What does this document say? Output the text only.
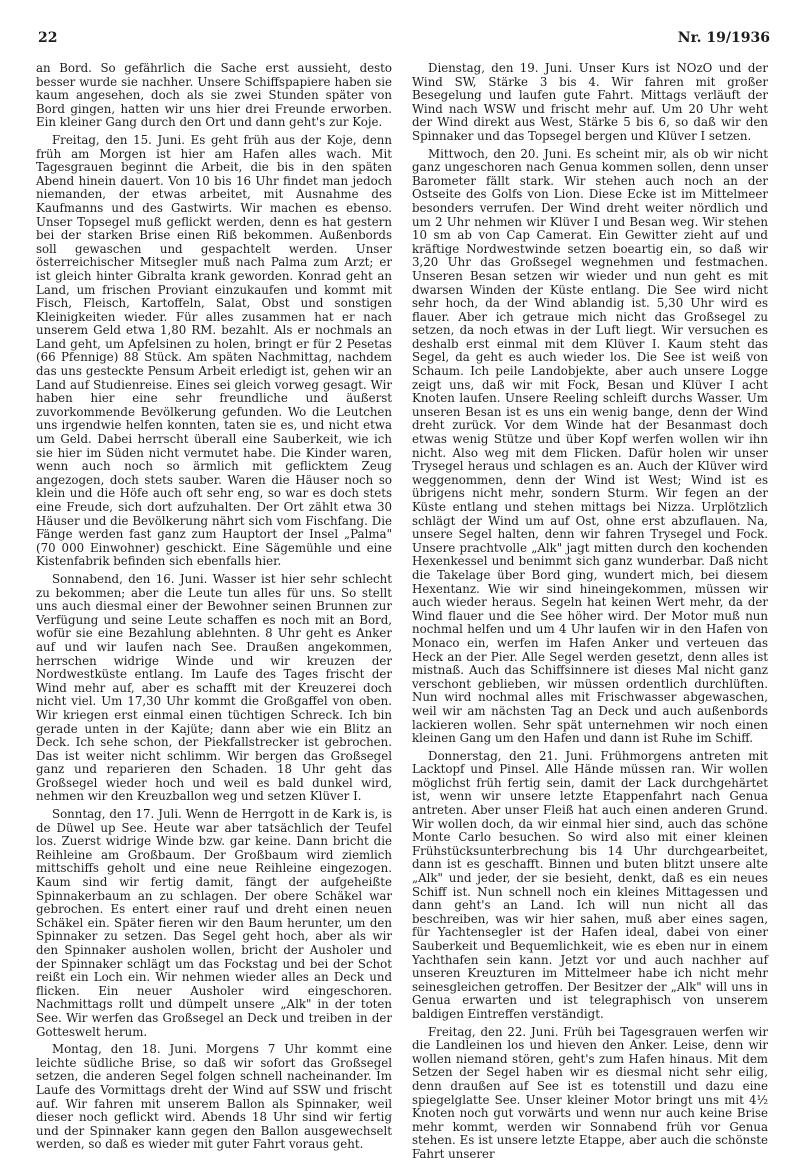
22	Nr. 19/1936

an Bord. So gefährlich die Sache erst aussieht, desto besser wurde sie nachher. Unsere Schiffspapiere haben sie kaum angesehen, doch als sie zwei Stunden später von Bord gingen, hatten wir uns hier drei Freunde erworben. Ein kleiner Gang durch den Ort und dann geht's zur Koje.

Freitag, den 15. Juni. Es geht früh aus der Koje, denn früh am Morgen ist hier am Hafen alles wach. Mit Tagesgrauen beginnt die Arbeit, die bis in den späten Abend hinein dauert. Von 10 bis 16 Uhr findet man jedoch niemanden, der etwas arbeitet, mit Ausnahme des Kaufmanns und des Gastwirts. Wir machen es ebenso. Unser Topsegel muß geflickt werden, denn es hat gestern bei der starken Brise einen Riß bekommen. Außenbords soll gewaschen und gespachtelt werden. Unser österreichischer Mitsegler muß nach Palma zum Arzt; er ist gleich hinter Gibralta krank geworden. Konrad geht an Land, um frischen Proviant einzukaufen und kommt mit Fisch, Fleisch, Kartoffeln, Salat, Obst und sonstigen Kleinigkeiten wieder. Für alles zusammen hat er nach unserem Geld etwa 1,80 RM. bezahlt. Als er nochmals an Land geht, um Apfelsinen zu holen, bringt er für 2 Pesetas (66 Pfennige) 88 Stück. Am späten Nachmittag, nachdem das uns gesteckte Pensum Arbeit erledigt ist, gehen wir an Land auf Studienreise. Eines sei gleich vorweg gesagt. Wir haben hier eine sehr freundliche und äußerst zuvorkommende Bevölkerung gefunden. Wo die Leutchen uns irgendwie helfen konnten, taten sie es, und nicht etwa um Geld. Dabei herrscht überall eine Sauberkeit, wie ich sie hier im Süden nicht vermutet habe. Die Kinder waren, wenn auch noch so ärmlich mit geflicktem Zeug angezogen, doch stets sauber. Waren die Häuser noch so klein und die Höfe auch oft sehr eng, so war es doch stets eine Freude, sich dort aufzuhalten. Der Ort zählt etwa 30 Häuser und die Bevölkerung nährt sich vom Fischfang. Die Fänge werden fast ganz zum Hauptort der Insel „Palma" (70 000 Einwohner) geschickt. Eine Sägemühle und eine Kistenfabrik befinden sich ebenfalls hier.

Sonnabend, den 16. Juni. Wasser ist hier sehr schlecht zu bekommen; aber die Leute tun alles für uns. So stellt uns auch diesmal einer der Bewohner seinen Brunnen zur Verfügung und seine Leute schaffen es noch mit an Bord, wofür sie eine Bezahlung ablehnten. 8 Uhr geht es Anker auf und wir laufen nach See. Draußen angekommen, herrschen widrige Winde und wir kreuzen der Nordwestküste entlang. Im Laufe des Tages frischt der Wind mehr auf, aber es schafft mit der Kreuzerei doch nicht viel. Um 17,30 Uhr kommt die Großgaffel von oben. Wir kriegen erst einmal einen tüchtigen Schreck. Ich bin gerade unten in der Kajüte; dann aber wie ein Blitz an Deck. Ich sehe schon, der Piekfallstrecker ist gebrochen. Das ist weiter nicht schlimm. Wir bergen das Großsegel ganz und reparieren den Schaden. 18 Uhr geht das Großsegel wieder hoch und weil es bald dunkel wird, nehmen wir den Kreuzballon weg und setzen Klüver I.

Sonntag, den 17. Juli. Wenn de Herrgott in de Kark is, is de Düwel up See. Heute war aber tatsächlich der Teufel los. Zuerst widrige Winde bzw. gar keine. Dann bricht die Reihleine am Großbaum. Der Großbaum wird ziemlich mittschiffs geholt und eine neue Reihleine eingezogen. Kaum sind wir fertig damit, fängt der aufgeheißte Spinnakerbaum an zu schlagen. Der obere Schäkel war gebrochen. Es entert einer rauf und dreht einen neuen Schäkel ein. Später fieren wir den Baum herunter, um den Spinnaker zu setzen. Das Segel geht hoch, aber als wir den Spinnaker ausholen wollen, bricht der Ausholer und der Spinnaker schlägt um das Fockstag und bei der Schot reißt ein Loch ein. Wir nehmen wieder alles an Deck und flicken. Ein neuer Ausholer wird eingeschoren. Nachmittags rollt und dümpelt unsere „Alk" in der toten See. Wir werfen das Großsegel an Deck und treiben in der Gotteswelt herum.

Montag, den 18. Juni. Morgens 7 Uhr kommt eine leichte südliche Brise, so daß wir sofort das Großsegel setzen, die anderen Segel folgen schnell nacheinander. Im Laufe des Vormittags dreht der Wind auf SSW und frischt auf. Wir fahren mit unserem Ballon als Spinnaker, weil dieser noch geflickt wird. Abends 18 Uhr sind wir fertig und der Spinnaker kann gegen den Ballon ausgewechselt werden, so daß es wieder mit guter Fahrt voraus geht.

Dienstag, den 19. Juni. Unser Kurs ist NOzO und der Wind SW, Stärke 3 bis 4. Wir fahren mit großer Besegelung und laufen gute Fahrt. Mittags verläuft der Wind nach WSW und frischt mehr auf. Um 20 Uhr weht der Wind direkt aus West, Stärke 5 bis 6, so daß wir den Spinnaker und das Topsegel bergen und Klüver I setzen.

Mittwoch, den 20. Juni. Es scheint mir, als ob wir nicht ganz ungeschoren nach Genua kommen sollen, denn unser Barometer fällt stark. Wir stehen auch noch an der Ostseite des Golfs von Lion. Diese Ecke ist im Mittelmeer besonders verrufen. Der Wind dreht weiter nördlich und um 2 Uhr nehmen wir Klüver I und Besan weg. Wir stehen 10 sm ab von Cap Camerat. Ein Gewitter zieht auf und kräftige Nordwestwinde setzen boeartig ein, so daß wir 3,20 Uhr das Großsegel wegnehmen und festmachen. Unseren Besan setzen wir wieder und nun geht es mit dwarsen Winden der Küste entlang. Die See wird nicht sehr hoch, da der Wind ablandig ist. 5,30 Uhr wird es flauer. Aber ich getraue mich nicht das Großsegel zu setzen, da noch etwas in der Luft liegt. Wir versuchen es deshalb erst einmal mit dem Klüver I. Kaum steht das Segel, da geht es auch wieder los. Die See ist weiß von Schaum. Ich peile Landobjekte, aber auch unsere Logge zeigt uns, daß wir mit Fock, Besan und Klüver I acht Knoten laufen. Unsere Reeling schleift durchs Wasser. Um unseren Besan ist es uns ein wenig bange, denn der Wind dreht zurück. Vor dem Winde hat der Besanmast doch etwas wenig Stütze und über Kopf werfen wollen wir ihn nicht. Also weg mit dem Flicken. Dafür holen wir unser Trysegel heraus und schlagen es an. Auch der Klüver wird weggenommen, denn der Wind ist West; Wind ist es übrigens nicht mehr, sondern Sturm. Wir fegen an der Küste entlang und stehen mittags bei Nizza. Urplötzlich schlägt der Wind um auf Ost, ohne erst abzuflauen. Na, unsere Segel halten, denn wir fahren Trysegel und Fock. Unsere prachtvolle „Alk" jagt mitten durch den kochenden Hexenkessel und benimmt sich ganz wunderbar. Daß nicht die Takelage über Bord ging, wundert mich, bei diesem Hexentanz. Wie wir sind hineingekommen, müssen wir auch wieder heraus. Segeln hat keinen Wert mehr, da der Wind flauer und die See höher wird. Der Motor muß nun nochmal helfen und um 4 Uhr laufen wir in den Hafen von Monaco ein, werfen im Hafen Anker und verteuen das Heck an der Pier. Alle Segel werden gesetzt, denn alles ist mistnaß. Auch das Schiffsinnere ist dieses Mal nicht ganz verschont geblieben, wir müssen ordentlich durchlüften. Nun wird nochmal alles mit Frischwasser abgewaschen, weil wir am nächsten Tag an Deck und auch außenbords lackieren wollen. Sehr spät unternehmen wir noch einen kleinen Gang um den Hafen und dann ist Ruhe im Schiff.

Donnerstag, den 21. Juni. Frühmorgens antreten mit Lacktopf und Pinsel. Alle Hände müssen ran. Wir wollen möglichst früh fertig sein, damit der Lack durchgehärtet ist, wenn wir unsere letzte Etappenfahrt nach Genua antreten. Aber unser Fleiß hat auch einen anderen Grund. Wir wollen doch, da wir einmal hier sind, auch das schöne Monte Carlo besuchen. So wird also mit einer kleinen Frühstücksunterbrechung bis 14 Uhr durchgearbeitet, dann ist es geschafft. Binnen und buten blitzt unsere alte „Alk" und jeder, der sie besieht, denkt, daß es ein neues Schiff ist. Nun schnell noch ein kleines Mittagessen und dann geht's an Land. Ich will nun nicht all das beschreiben, was wir hier sahen, muß aber eines sagen, für Yachtensegler ist der Hafen ideal, dabei von einer Sauberkeit und Bequemlichkeit, wie es eben nur in einem Yachthafen sein kann. Jetzt vor und auch nachher auf unseren Kreuzturen im Mittelmeer habe ich nicht mehr seinesgleichen getroffen. Der Besitzer der „Alk" will uns in Genua erwarten und ist telegraphisch von unserem baldigen Eintreffen verständigt.

Freitag, den 22. Juni. Früh bei Tagesgrauen werfen wir die Landleinen los und hieven den Anker. Leise, denn wir wollen niemand stören, geht's zum Hafen hinaus. Mit dem Setzen der Segel haben wir es diesmal nicht sehr eilig, denn draußen auf See ist es totenstill und dazu eine spiegelglatte See. Unser kleiner Motor bringt uns mit 4½ Knoten noch gut vorwärts und wenn nur auch keine Brise mehr kommt, werden wir Sonnabend früh vor Genua stehen. Es ist unsere letzte Etappe, aber auch die schönste Fahrt unserer
